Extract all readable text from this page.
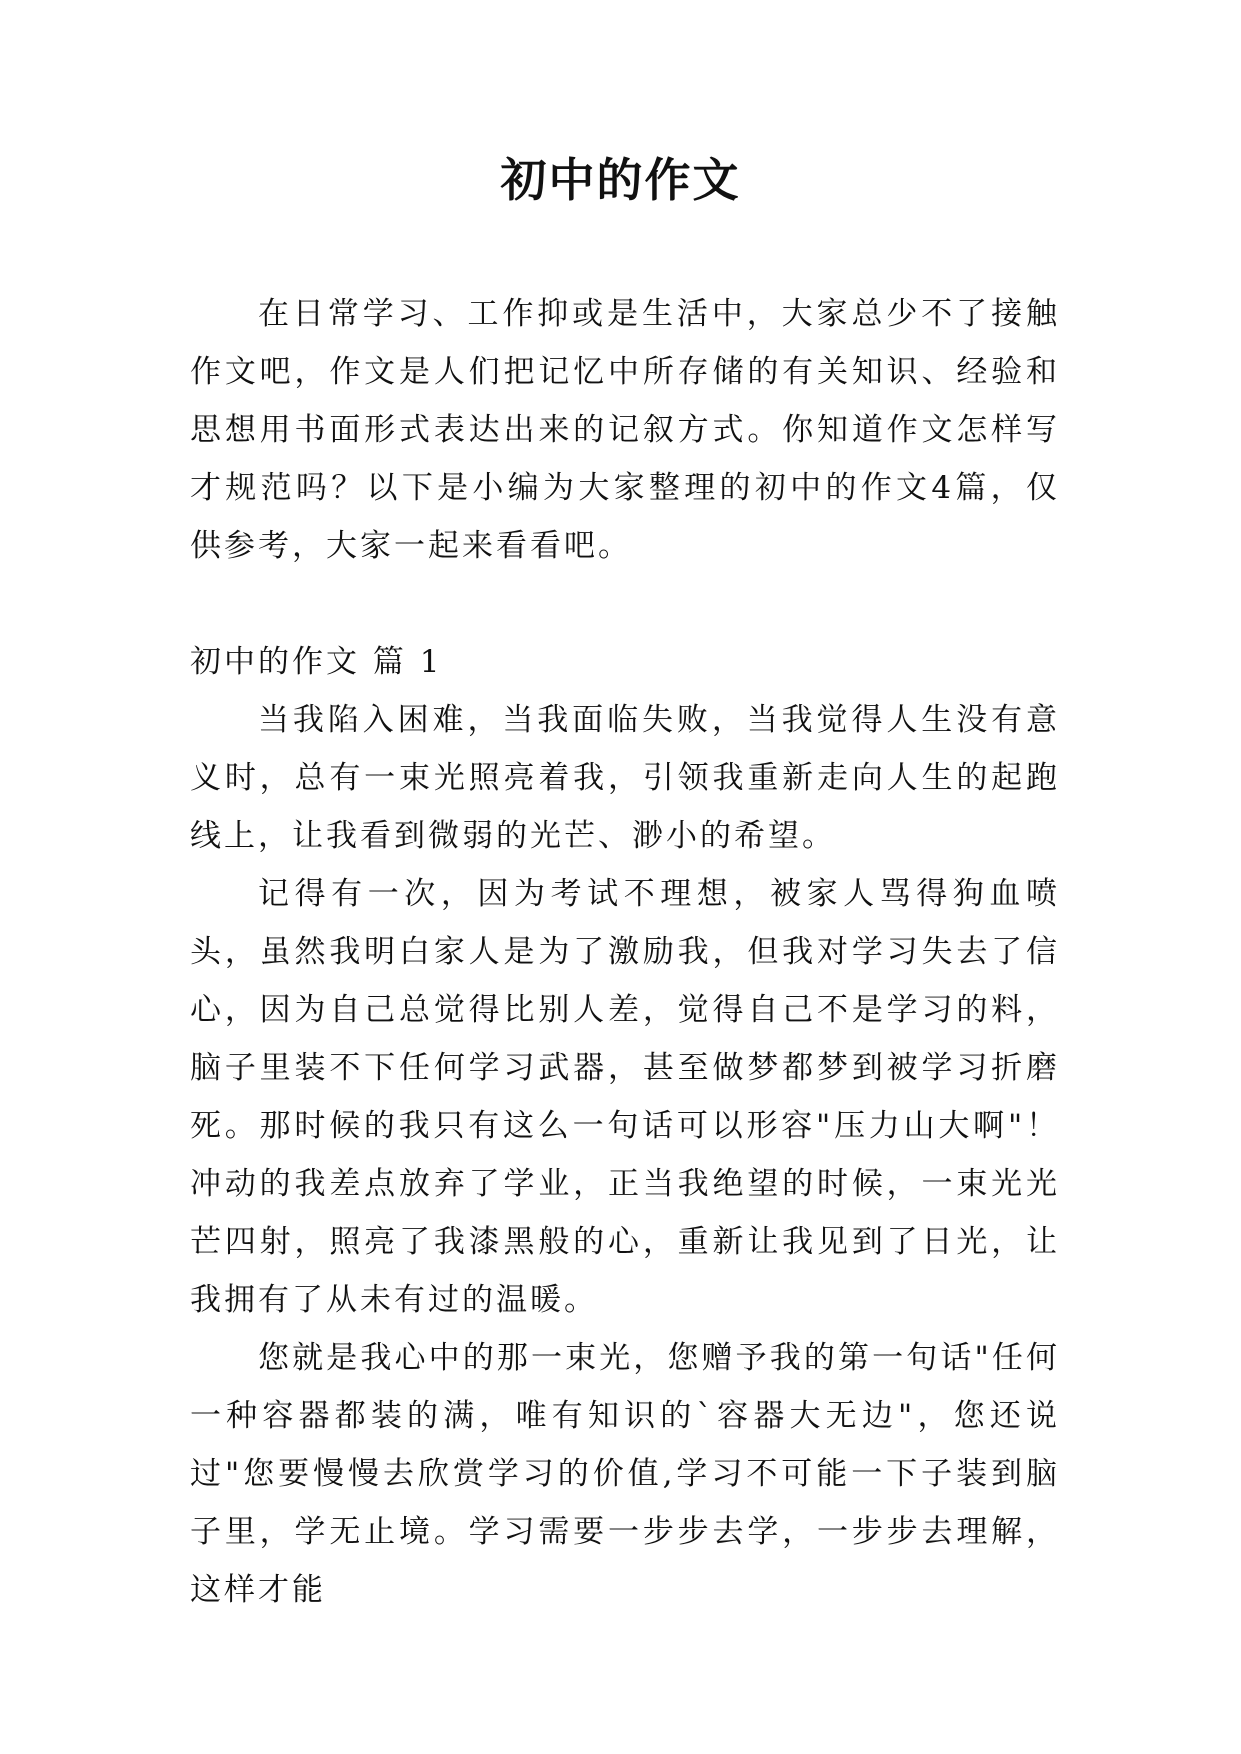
初中的作文

在日常学习、工作抑或是生活中，大家总少不了接触作文吧，作文是人们把记忆中所存储的有关知识、经验和思想用书面形式表达出来的记叙方式。你知道作文怎样写才规范吗？以下是小编为大家整理的初中的作文4篇，仅供参考，大家一起来看看吧。

初中的作文 篇 1

当我陷入困难，当我面临失败，当我觉得人生没有意义时，总有一束光照亮着我，引领我重新走向人生的起跑线上，让我看到微弱的光芒、渺小的希望。

记得有一次，因为考试不理想，被家人骂得狗血喷头，虽然我明白家人是为了激励我，但我对学习失去了信心，因为自己总觉得比别人差，觉得自己不是学习的料，脑子里装不下任何学习武器，甚至做梦都梦到被学习折磨死。那时候的我只有这么一句话可以形容"压力山大啊"！冲动的我差点放弃了学业，正当我绝望的时候，一束光光芒四射，照亮了我漆黑般的心，重新让我见到了日光，让我拥有了从未有过的温暖。

您就是我心中的那一束光，您赠予我的第一句话"任何一种容器都装的满，唯有知识的`容器大无边"，您还说过"您要慢慢去欣赏学习的价值,学习不可能一下子装到脑子里，学无止境。学习需要一步步去学，一步步去理解，这样才能
